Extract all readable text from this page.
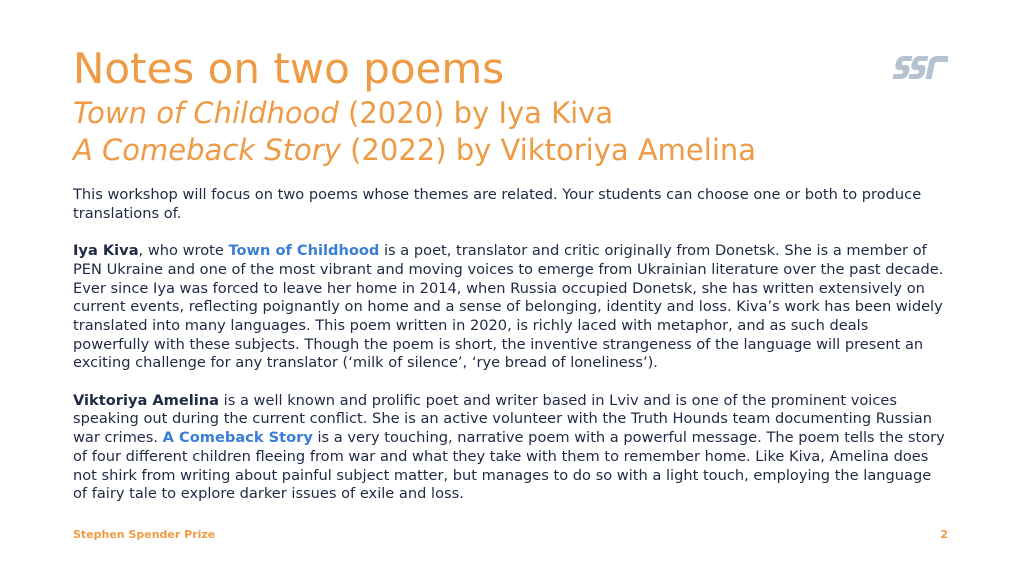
Notes on two poems
Town of Childhood (2020) by Iya Kiva
A Comeback Story (2022) by Viktoriya Amelina

This workshop will focus on two poems whose themes are related. Your students can choose one or both to produce translations of.

Iya Kiva, who wrote Town of Childhood is a poet, translator and critic originally from Donetsk. She is a member of PEN Ukraine and one of the most vibrant and moving voices to emerge from Ukrainian literature over the past decade. Ever since Iya was forced to leave her home in 2014, when Russia occupied Donetsk, she has written extensively on current events, reflecting poignantly on home and a sense of belonging, identity and loss. Kiva’s work has been widely translated into many languages. This poem written in 2020, is richly laced with metaphor, and as such deals powerfully with these subjects. Though the poem is short, the inventive strangeness of the language will present an exciting challenge for any translator (‘milk of silence’, ‘rye bread of loneliness’).

Viktoriya Amelina is a well known and prolific poet and writer based in Lviv and is one of the prominent voices speaking out during the current conflict. She is an active volunteer with the Truth Hounds team documenting Russian war crimes. A Comeback Story is a very touching, narrative poem with a powerful message. The poem tells the story of four different children fleeing from war and what they take with them to remember home. Like Kiva, Amelina does not shirk from writing about painful subject matter, but manages to do so with a light touch, employing the language of fairy tale to explore darker issues of exile and loss.

Stephen Spender Prize	2
